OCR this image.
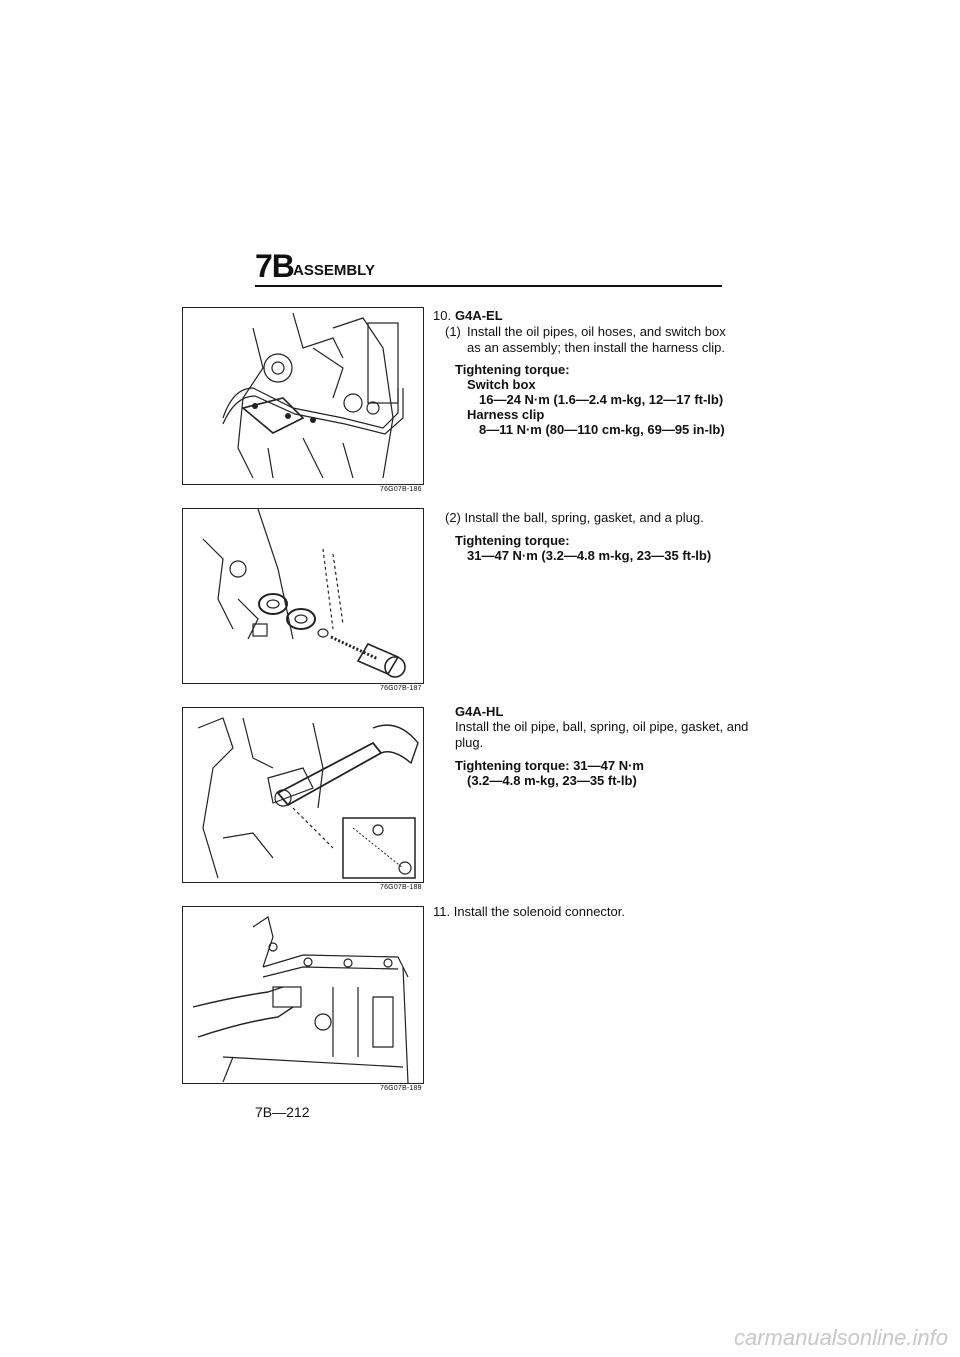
7B ASSEMBLY
76G07B-186
76G07B-187
76G07B-188
76G07B-189
10. G4A-EL
(1) Install the oil pipes, oil hoses, and switch box
as an assembly; then install the harness clip.
Tightening torque:
Switch box
16—24 N·m (1.6—2.4 m-kg, 12—17 ft-lb)
Harness clip
8—11 N·m (80—110 cm-kg, 69—95 in-lb)
(2) Install the ball, spring, gasket, and a plug.
Tightening torque:
31—47 N·m (3.2—4.8 m-kg, 23—35 ft-lb)
G4A-HL
Install the oil pipe, ball, spring, oil pipe, gasket, and
plug.
Tightening torque: 31—47 N·m
(3.2—4.8 m-kg, 23—35 ft-lb)
11. Install the solenoid connector.
7B—212
carmanualsonline.info
